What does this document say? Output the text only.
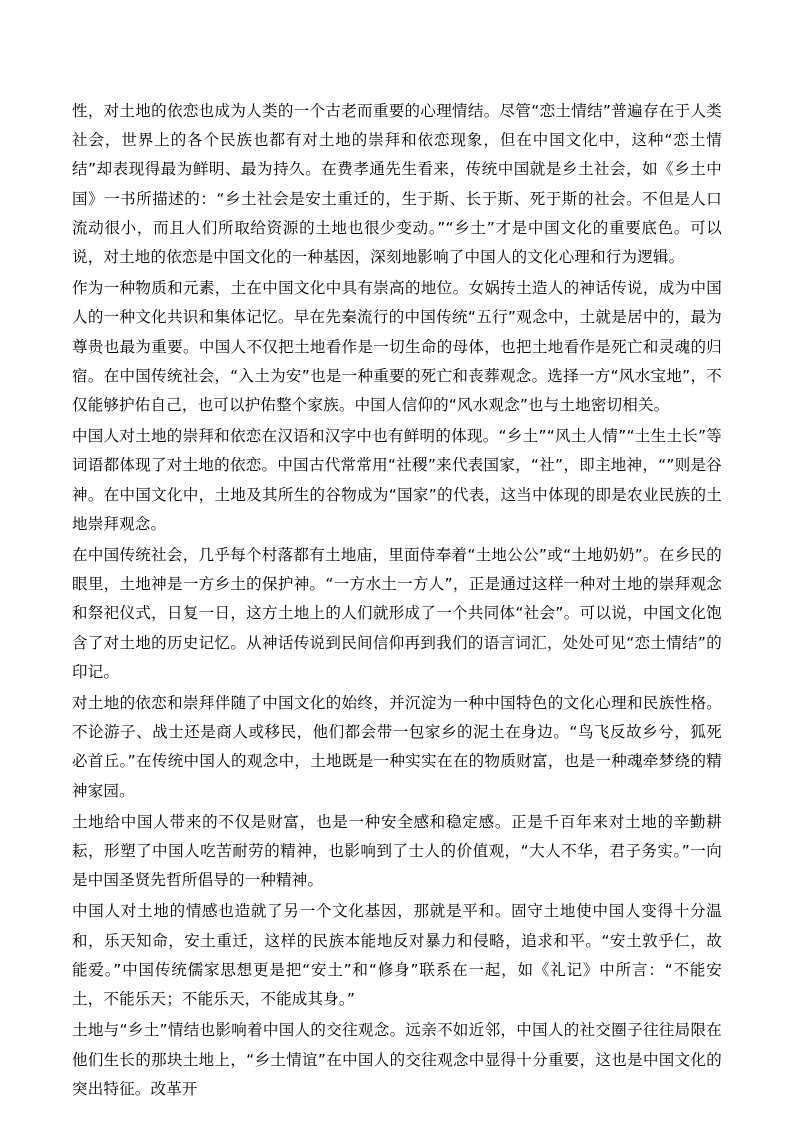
性，对土地的依恋也成为人类的一个古老而重要的心理情结。尽管“恋土情结”普遍存在于人类社会，世界上的各个民族也都有对土地的崇拜和依恋现象，但在中国文化中，这种“恋土情结”却表现得最为鲜明、最为持久。在费孝通先生看来，传统中国就是乡土社会，如《乡土中国》一书所描述的：“乡土社会是安土重迁的，生于斯、长于斯、死于斯的社会。不但是人口流动很小，而且人们所取给资源的土地也很少变动。”“乡土”才是中国文化的重要底色。可以说，对土地的依恋是中国文化的一种基因，深刻地影响了中国人的文化心理和行为逻辑。

作为一种物质和元素，土在中国文化中具有崇高的地位。女娲抟土造人的神话传说，成为中国人的一种文化共识和集体记忆。早在先秦流行的中国传统“五行”观念中，土就是居中的，最为尊贵也最为重要。中国人不仅把土地看作是一切生命的母体，也把土地看作是死亡和灵魂的归宿。在中国传统社会，“入土为安”也是一种重要的死亡和丧葬观念。选择一方“风水宝地”，不仅能够护佑自己，也可以护佑整个家族。中国人信仰的“风水观念”也与土地密切相关。

中国人对土地的崇拜和依恋在汉语和汉字中也有鲜明的体现。“乡土”“风土人情”“土生土长”等词语都体现了对土地的依恋。中国古代常常用“社稷”来代表国家，“社”，即主地神，“”则是谷神。在中国文化中，土地及其所生的谷物成为“国家”的代表，这当中体现的即是农业民族的土地崇拜观念。

在中国传统社会，几乎每个村落都有土地庙，里面侍奉着“土地公公”或“土地奶奶”。在乡民的眼里，土地神是一方乡土的保护神。“一方水土一方人”，正是通过这样一种对土地的崇拜观念和祭祀仪式，日复一日，这方土地上的人们就形成了一个共同体“社会”。可以说，中国文化饱含了对土地的历史记忆。从神话传说到民间信仰再到我们的语言词汇，处处可见“恋土情结”的印记。

对土地的依恋和崇拜伴随了中国文化的始终，并沉淀为一种中国特色的文化心理和民族性格。不论游子、战士还是商人或移民，他们都会带一包家乡的泥土在身边。“鸟飞反故乡兮，狐死必首丘。”在传统中国人的观念中，土地既是一种实实在在的物质财富，也是一种魂牵梦绕的精神家园。

土地给中国人带来的不仅是财富，也是一种安全感和稳定感。正是千百年来对土地的辛勤耕耘，形塑了中国人吃苦耐劳的精神，也影响到了士人的价值观，“大人不华，君子务实。”一向是中国圣贤先哲所倡导的一种精神。

中国人对土地的情感也造就了另一个文化基因，那就是平和。固守土地使中国人变得十分温和，乐天知命，安土重迁，这样的民族本能地反对暴力和侵略，追求和平。“安土敦乎仁，故能爱。”中国传统儒家思想更是把“安土”和“修身”联系在一起，如《礼记》中所言：“不能安土，不能乐天；不能乐天，不能成其身。”

土地与“乡土”情结也影响着中国人的交往观念。远亲不如近邻，中国人的社交圈子往往局限在他们生长的那块土地上，“乡土情谊”在中国人的交往观念中显得十分重要，这也是中国文化的突出特征。改革开
